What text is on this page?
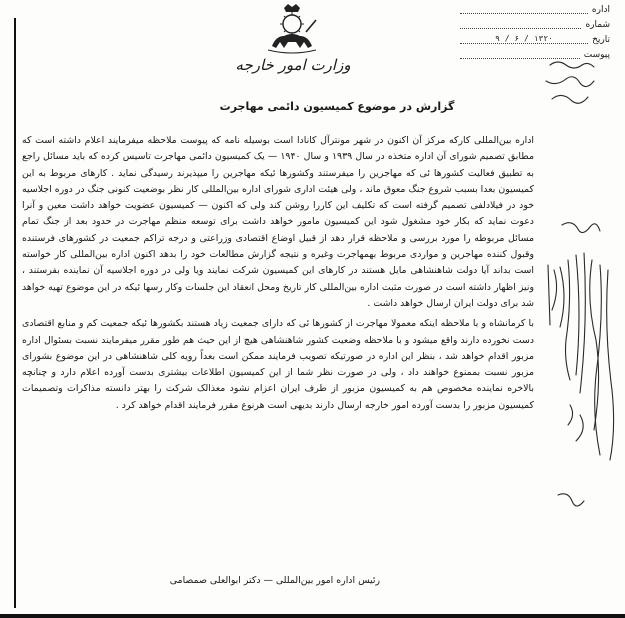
اداره
شماره
تاریخ
۱۳۲۰ / ۶ / ۹
پیوست
وزارت امور خارجه
گزارش در موضوع کمیسیون دائمی مهاجرت

اداره بین‌المللی کارکه مرکز آن اکنون در شهر مونترآل کانادا است بوسیله نامه که پیوست ملاحظه میفرمایند اعلام داشته است که مطابق تصمیم شورای آن اداره متخذه در سال ۱۹۳۹ و سال ۱۹۴۰ — یک کمیسیون دائمی مهاجرت تاسیس کرده که باید مسائل راجع به تطبیق فعالیت کشورها ئی که مهاجرین را میفرستند وکشورها ئیکه مهاجرین را میپذیرند رسیدگی نماید . کارهای مربوط به این کمیسیون بعدا بسبب شروع جنگ معوق ماند ، ولی هیئت اداری شورای اداره بین‌المللی کار نظر بوضعیت کنونی جنگ در دوره اجلاسیه خود در فیلادلفی تصمیم گرفته است که تکلیف این کاررا روشن کند ولی که اکنون — کمیسیون عضویت خواهد داشت معین و آنرا دعوت نماید که بکار خود مشغول شود این کمیسیون مامور خواهد داشت برای توسعه منظم مهاجرت در حدود بعد از جنگ تمام مسائل مربوطه را مورد بررسی و ملاحظه قرار دهد از قبیل اوضاع اقتصادی وزراعتی و درجه تراکم جمعیت در کشورهای فرستنده وقبول کننده مهاجرین و مواردی مربوط بهمهاجرت وغیره و نتیجه گزارش مطالعات خود را بدهد اکنون اداره بین‌المللی کار خواسته است بداند آیا دولت شاهنشاهی مایل هستند در کارهای این کمیسیون شرکت نمایند ویا ولی در دوره اجلاسیه آن نماینده بفرستند ، ونیز اظهار داشته است در صورت مثبت اداره بین‌المللی کار تاریخ ومحل انعقاد این جلسات وکار رسها ئیکه در این موضوع تهیه خواهد شد برای دولت ایران ارسال خواهد داشت .

با کرمانشاه و با ملاحظه اینکه معمولا مهاجرت از کشورها ئی که دارای جمعیت زیاد هستند بکشورها ئیکه جمعیت کم و منابع اقتصادی دست نخورده دارند واقع میشود و با ملاحظه وضعیت کشور شاهنشاهی هیچ از این حیث هم طور مقرر میفرمایند نسبت بسئوال اداره مزبور اقدام خواهد شد ، بنظر این اداره در صورتیکه تصویب فرمایند ممکن است بعداً رویه کلی شاهنشاهی در این موضوع بشورای مزبور نسبت بممنوع خواهند داد ، ولی در صورت نظر شما از این کمیسیون اطلاعات بیشتری بدست آورده اعلام دارد و چنانچه بالاخره نماینده مخصوص هم به کمیسیون مزبور از طرف ایران اعزام نشود معذالک شرکت را بهتر دانسته مذاکرات وتصمیمات کمیسیون مزبور را بدست آورده امور خارجه ارسال دارند بدیهی است هرنوع مقرر فرمایند اقدام خواهد کرد .

رئیس اداره امور بین‌المللی — دکتر ابوالعلی صمصامی
